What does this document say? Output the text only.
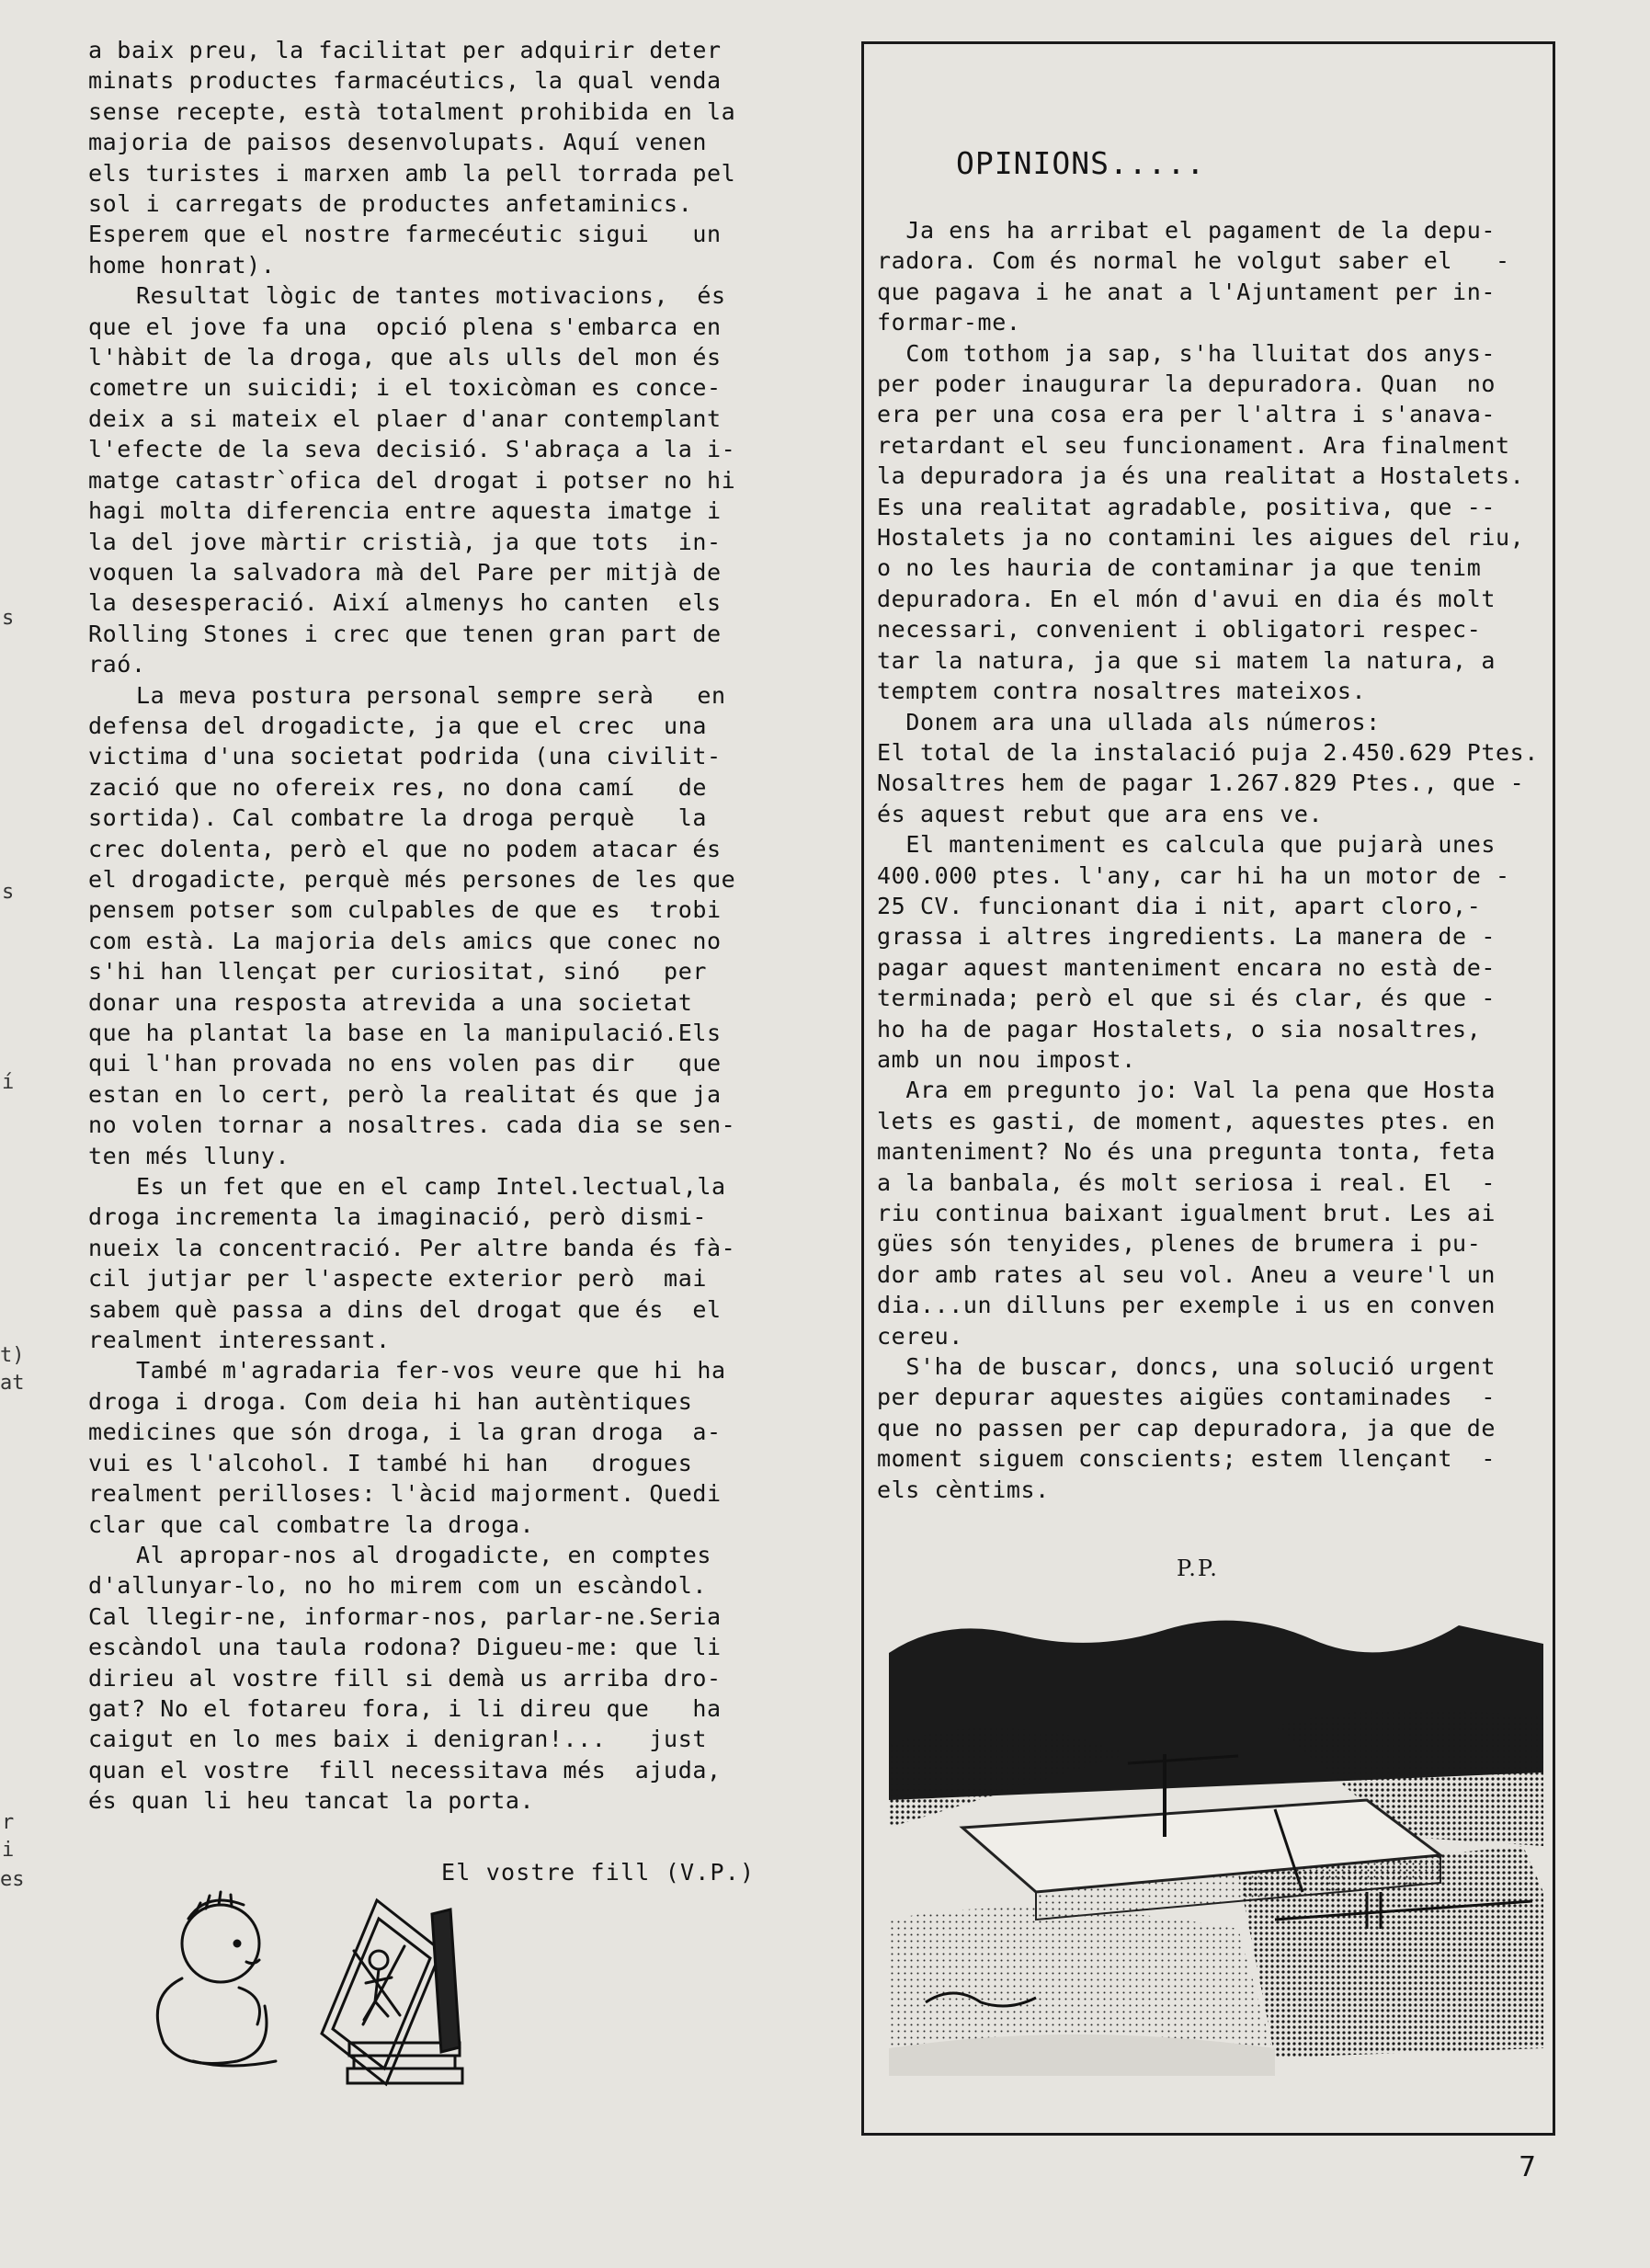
s
s
í
t)
at
r
i
es

a baix preu, la facilitat per adquirir deter
minats productes farmacéutics, la qual venda
sense recepte, està totalment prohibida en la
majoria de paisos desenvolupats. Aquí venen
els turistes i marxen amb la pell torrada pel
sol i carregats de productes anfetaminics.
Esperem que el nostre farmecéutic sigui   un
home honrat).

Resultat lògic de tantes motivacions,  és
que el jove fa una  opció plena s'embarca en
l'hàbit de la droga, que als ulls del mon és
cometre un suicidi; i el toxicòman es conce-
deix a si mateix el plaer d'anar contemplant
l'efecte de la seva decisió. S'abraça a la i-
matge catastr`ofica del drogat i potser no hi
hagi molta diferencia entre aquesta imatge i
la del jove màrtir cristià, ja que tots  in-
voquen la salvadora mà del Pare per mitjà de
la desesperació. Així almenys ho canten  els
Rolling Stones i crec que tenen gran part de
raó.

La meva postura personal sempre serà   en
defensa del drogadicte, ja que el crec  una
victima d'una societat podrida (una civilit-
zació que no ofereix res, no dona camí   de
sortida). Cal combatre la droga perquè   la
crec dolenta, però el que no podem atacar és
el drogadicte, perquè més persones de les que
pensem potser som culpables de que es  trobi
com està. La majoria dels amics que conec no
s'hi han llençat per curiositat, sinó   per
donar una resposta atrevida a una societat
que ha plantat la base en la manipulació.Els
qui l'han provada no ens volen pas dir   que
estan en lo cert, però la realitat és que ja
no volen tornar a nosaltres. cada dia se sen-
ten més lluny.

Es un fet que en el camp Intel.lectual,la
droga incrementa la imaginació, però dismi-
nueix la concentració. Per altre banda és fà-
cil jutjar per l'aspecte exterior però  mai
sabem què passa a dins del drogat que és  el
realment interessant.

També m'agradaria fer-vos veure que hi ha
droga i droga. Com deia hi han autèntiques
medicines que són droga, i la gran droga  a-
vui es l'alcohol. I també hi han   drogues
realment perilloses: l'àcid majorment. Quedi
clar que cal combatre la droga.

Al apropar-nos al drogadicte, en comptes
d'allunyar-lo, no ho mirem com un escàndol.
Cal llegir-ne, informar-nos, parlar-ne.Seria
escàndol una taula rodona? Digueu-me: que li
dirieu al vostre fill si demà us arriba dro-
gat? No el fotareu fora, i li direu que   ha
caigut en lo mes baix i denigran!...   just
quan el vostre  fill necessitava més  ajuda,
és quan li heu tancat la porta.

El vostre fill (V.P.)
OPINIONS.....

Ja ens ha arribat el pagament de la depu-
radora. Com és normal he volgut saber el   -
que pagava i he anat a l'Ajuntament per in-
formar-me.

Com tothom ja sap, s'ha lluitat dos anys-
per poder inaugurar la depuradora. Quan  no
era per una cosa era per l'altra i s'anava-
retardant el seu funcionament. Ara finalment
la depuradora ja és una realitat a Hostalets.
Es una realitat agradable, positiva, que --
Hostalets ja no contamini les aigues del riu,
o no les hauria de contaminar ja que tenim
depuradora. En el món d'avui en dia és molt
necessari, convenient i obligatori respec-
tar la natura, ja que si matem la natura, a
temptem contra nosaltres mateixos.

Donem ara una ullada als números:
El total de la instalació puja 2.450.629 Ptes.
Nosaltres hem de pagar 1.267.829 Ptes., que -
és aquest rebut que ara ens ve.

El manteniment es calcula que pujarà unes
400.000 ptes. l'any, car hi ha un motor de -
25 CV. funcionant dia i nit, apart cloro,-
grassa i altres ingredients. La manera de -
pagar aquest manteniment encara no està de-
terminada; però el que si és clar, és que -
ho ha de pagar Hostalets, o sia nosaltres,
amb un nou impost.

Ara em pregunto jo: Val la pena que Hosta
lets es gasti, de moment, aquestes ptes. en
manteniment? No és una pregunta tonta, feta
a la banbala, és molt seriosa i real. El  -
riu continua baixant igualment brut. Les ai
gües són tenyides, plenes de brumera i pu-
dor amb rates al seu vol. Aneu a veure'l un
dia...un dilluns per exemple i us en conven
cereu.

S'ha de buscar, doncs, una solució urgent
per depurar aquestes aigües contaminades  -
que no passen per cap depuradora, ja que de
moment siguem conscients; estem llençant  -
els cèntims.

P.P.
7
